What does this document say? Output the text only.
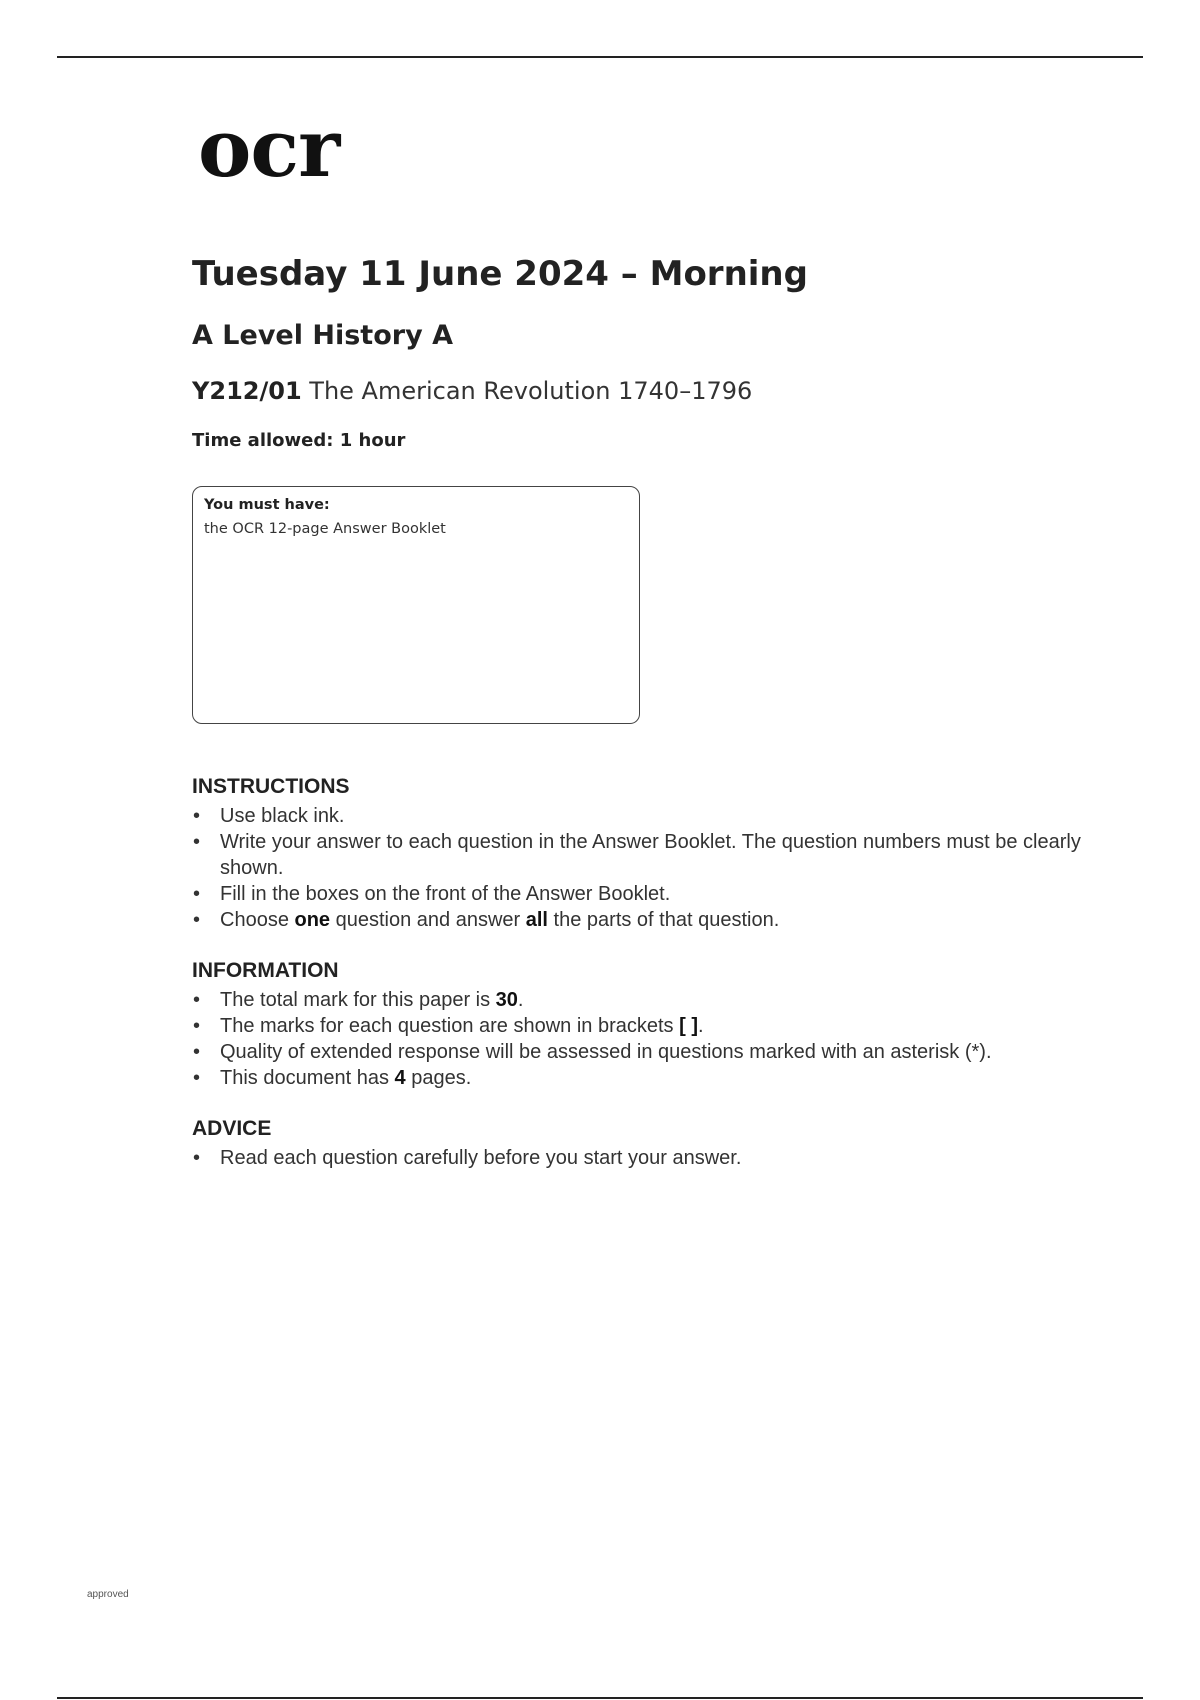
ocr
Tuesday 11 June 2024 – Morning
A Level History A
Y212/01 The American Revolution 1740–1796
Time allowed: 1 hour
You must have:
the OCR 12-page Answer Booklet
INSTRUCTIONS
• Use black ink.
• Write your answer to each question in the Answer Booklet. The question numbers must be clearly shown.
• Fill in the boxes on the front of the Answer Booklet.
• Choose one question and answer all the parts of that question.
INFORMATION
• The total mark for this paper is 30.
• The marks for each question are shown in brackets [ ].
• Quality of extended response will be assessed in questions marked with an asterisk (*).
• This document has 4 pages.
ADVICE
• Read each question carefully before you start your answer.
approved
